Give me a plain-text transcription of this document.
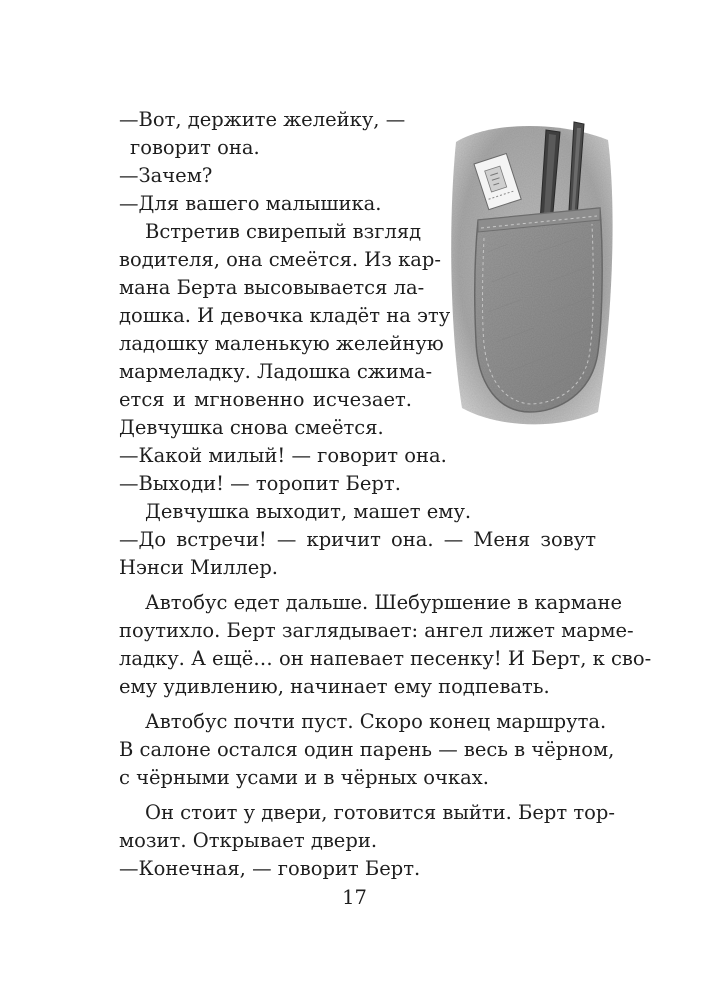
—Вот, держите желейку, —

говорит она.

—Зачем?

—Для вашего малышика.

Встретив свирепый взгляд

водителя, она смеётся. Из кар-

мана Берта высовывается ла-

дошка. И девочка кладёт на эту

ладошку маленькую желейную

мармеладку. Ладошка сжима-

ется и мгновенно исчезает.

Девчушка снова смеётся.

—Какой милый! — говорит она.

—Выходи! — торопит Берт.

Девчушка выходит, машет ему.

—До встречи! — кричит она. — Меня зовут

Нэнси Миллер.

Автобус едет дальше. Шебуршение в кармане

поутихло. Берт заглядывает: ангел лижет марме-

ладку. А ещё… он напевает песенку! И Берт, к сво-

ему удивлению, начинает ему подпевать.

Автобус почти пуст. Скоро конец маршрута.

В салоне остался один парень — весь в чёрном,

с чёрными усами и в чёрных очках.

Он стоит у двери, готовится выйти. Берт тор-

мозит. Открывает двери.

—Конечная, — говорит Берт.

17
